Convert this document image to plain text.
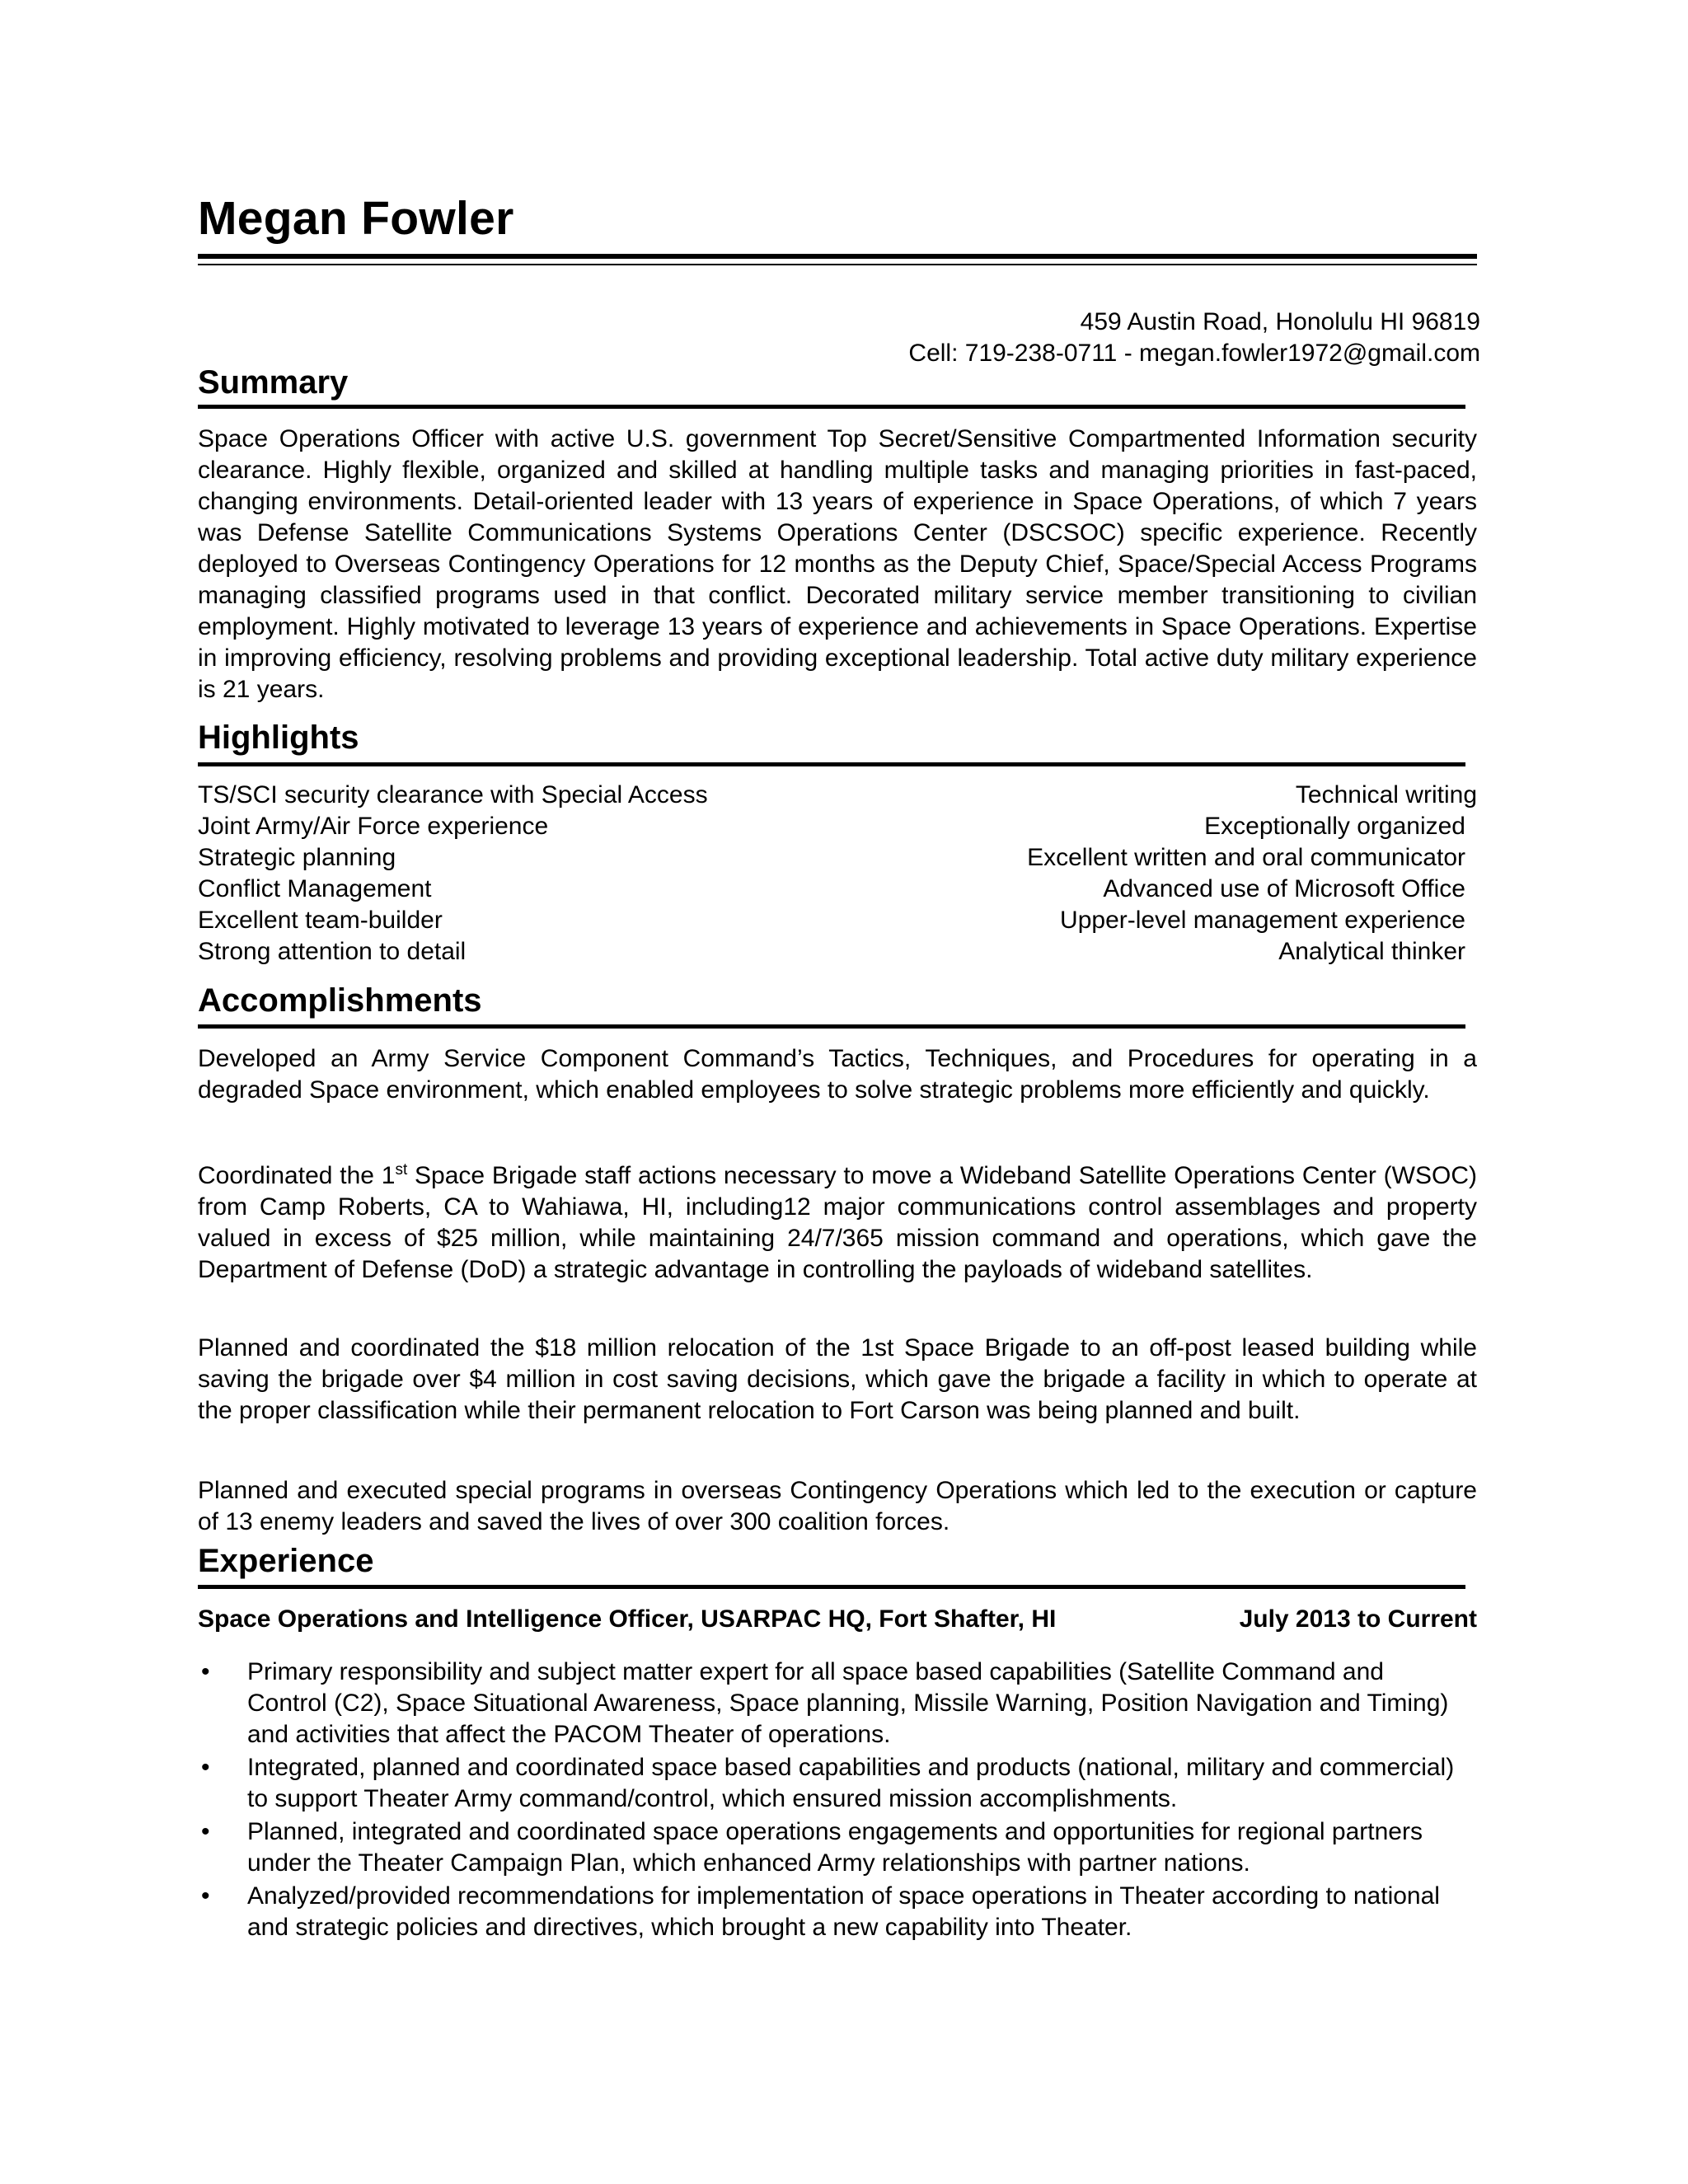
Megan Fowler
459 Austin Road, Honolulu HI 96819
Cell: 719-238-0711 - megan.fowler1972@gmail.com
Summary
Space Operations Officer with active U.S. government Top Secret/Sensitive Compartmented Information security clearance. Highly flexible, organized and skilled at handling multiple tasks and managing priorities in fast-paced, changing environments. Detail-oriented leader with 13 years of experience in Space Operations, of which 7 years was Defense Satellite Communications Systems Operations Center (DSCSOC) specific experience. Recently deployed to Overseas Contingency Operations for 12 months as the Deputy Chief, Space/Special Access Programs managing classified programs used in that conflict. Decorated military service member transitioning to civilian employment. Highly motivated to leverage 13 years of experience and achievements in Space Operations. Expertise in improving efficiency, resolving problems and providing exceptional leadership. Total active duty military experience is 21 years.
Highlights
TS/SCI security clearance with Special Access	Technical writing
Joint Army/Air Force experience	Exceptionally organized
Strategic planning	Excellent written and oral communicator
Conflict Management	Advanced use of Microsoft Office
Excellent team-builder	Upper-level management experience
Strong attention to detail	Analytical thinker
Accomplishments
Developed an Army Service Component Command’s Tactics, Techniques, and Procedures for operating in a degraded Space environment, which enabled employees to solve strategic problems more efficiently and quickly.
Coordinated the 1st Space Brigade staff actions necessary to move a Wideband Satellite Operations Center (WSOC) from Camp Roberts, CA to Wahiawa, HI, including12 major communications control assemblages and property valued in excess of $25 million, while maintaining 24/7/365 mission command and operations, which gave the Department of Defense (DoD) a strategic advantage in controlling the payloads of wideband satellites.
Planned and coordinated the $18 million relocation of the 1st Space Brigade to an off-post leased building while saving the brigade over $4 million in cost saving decisions, which gave the brigade a facility in which to operate at the proper classification while their permanent relocation to Fort Carson was being planned and built.
Planned and executed special programs in overseas Contingency Operations which led to the execution or capture of 13 enemy leaders and saved the lives of over 300 coalition forces.
Experience
Space Operations and Intelligence Officer, USARPAC HQ, Fort Shafter, HI	July 2013 to Current
• Primary responsibility and subject matter expert for all space based capabilities (Satellite Command and Control (C2), Space Situational Awareness, Space planning, Missile Warning, Position Navigation and Timing) and activities that affect the PACOM Theater of operations.
• Integrated, planned and coordinated space based capabilities and products (national, military and commercial) to support Theater Army command/control, which ensured mission accomplishments.
• Planned, integrated and coordinated space operations engagements and opportunities for regional partners under the Theater Campaign Plan, which enhanced Army relationships with partner nations.
• Analyzed/provided recommendations for implementation of space operations in Theater according to national and strategic policies and directives, which brought a new capability into Theater.
